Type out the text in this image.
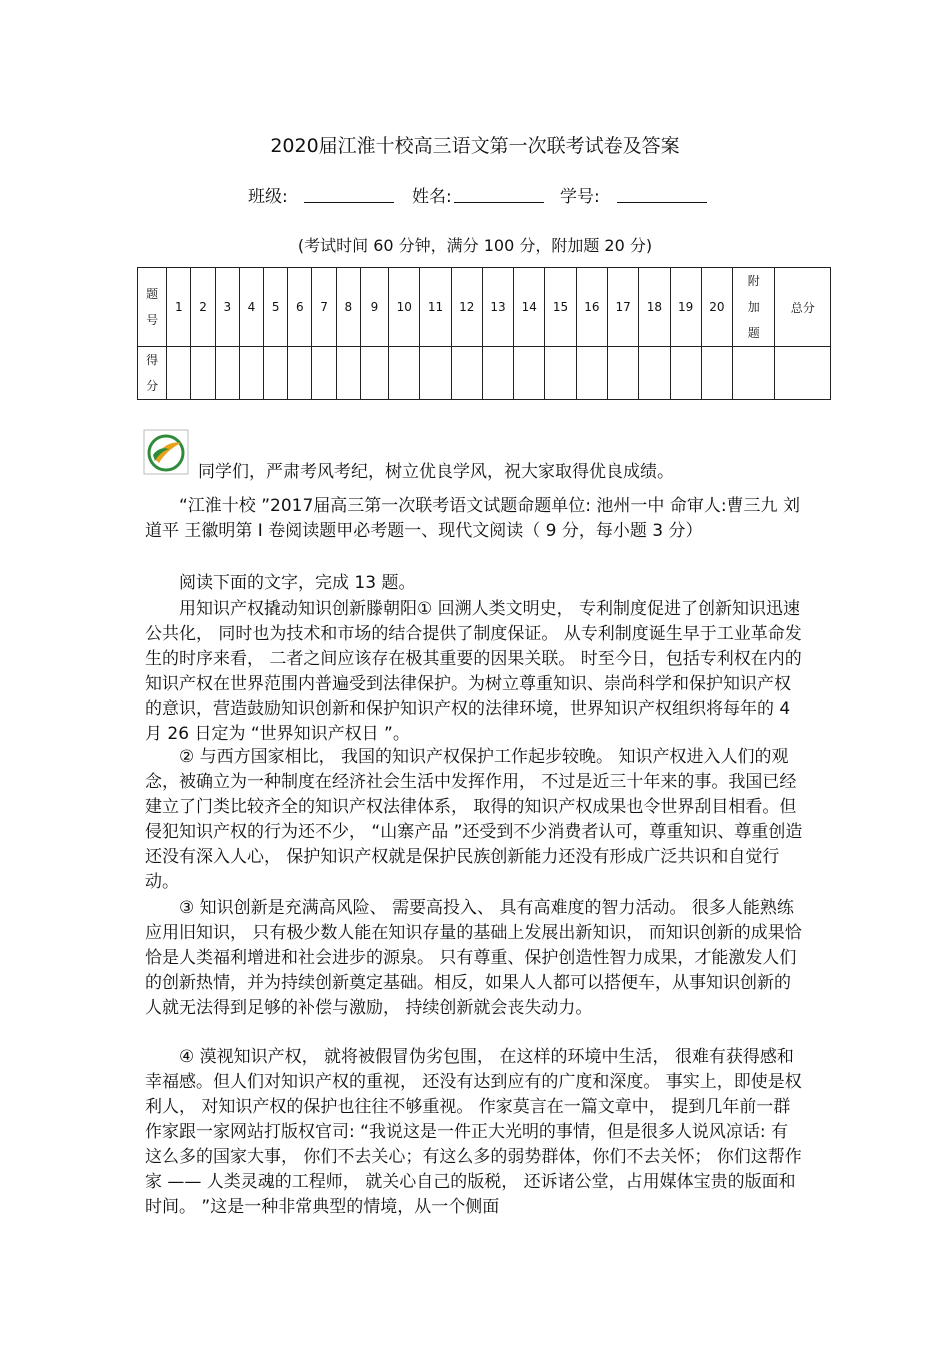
2020届江淮十校高三语文第一次联考试卷及答案
班级:	姓名:	学号:
(考试时间 60 分钟，满分 100 分，附加题 20 分)
题号	1	2	3	4	5	6	7	8	9	10	11	12	13	14	15	16	17	18	19	20	附加题	总分
得分																						

同学们，严肃考风考纪，树立优良学风，祝大家取得优良成绩。

“江淮十校 ”2017届高三第一次联考语文试题命题单位: 池州一中 命审人:曹三九 刘道平 王徽明第 Ⅰ 卷阅读题甲必考题一、现代文阅读（ 9 分，每小题 3 分）

阅读下面的文字，完成 13 题。

用知识产权撬动知识创新滕朝阳① 回溯人类文明史， 专利制度促进了创新知识迅速公共化， 同时也为技术和市场的结合提供了制度保证。 从专利制度诞生早于工业革命发生的时序来看， 二者之间应该存在极其重要的因果关联。 时至今日，包括专利权在内的知识产权在世界范围内普遍受到法律保护。为树立尊重知识、崇尚科学和保护知识产权的意识，营造鼓励知识创新和保护知识产权的法律环境，世界知识产权组织将每年的 4 月 26 日定为 “世界知识产权日 ”。

② 与西方国家相比， 我国的知识产权保护工作起步较晚。 知识产权进入人们的观念，被确立为一种制度在经济社会生活中发挥作用， 不过是近三十年来的事。我国已经建立了门类比较齐全的知识产权法律体系， 取得的知识产权成果也令世界刮目相看。但侵犯知识产权的行为还不少， “山寨产品 ”还受到不少消费者认可，尊重知识、尊重创造还没有深入人心， 保护知识产权就是保护民族创新能力还没有形成广泛共识和自觉行动。

③ 知识创新是充满高风险、 需要高投入、 具有高难度的智力活动。 很多人能熟练应用旧知识， 只有极少数人能在知识存量的基础上发展出新知识， 而知识创新的成果恰恰是人类福利增进和社会进步的源泉。 只有尊重、保护创造性智力成果，才能激发人们的创新热情，并为持续创新奠定基础。相反，如果人人都可以搭便车，从事知识创新的人就无法得到足够的补偿与激励， 持续创新就会丧失动力。

④ 漠视知识产权， 就将被假冒伪劣包围， 在这样的环境中生活， 很难有获得感和幸福感。但人们对知识产权的重视， 还没有达到应有的广度和深度。 事实上，即使是权利人， 对知识产权的保护也往往不够重视。 作家莫言在一篇文章中， 提到几年前一群作家跟一家网站打版权官司: “我说这是一件正大光明的事情，但是很多人说风凉话: 有这么多的国家大事， 你们不去关心；有这么多的弱势群体，你们不去关怀； 你们这帮作家 —— 人类灵魂的工程师， 就关心自己的版税， 还诉诸公堂，占用媒体宝贵的版面和时间。 ”这是一种非常典型的情境，从一个侧面
